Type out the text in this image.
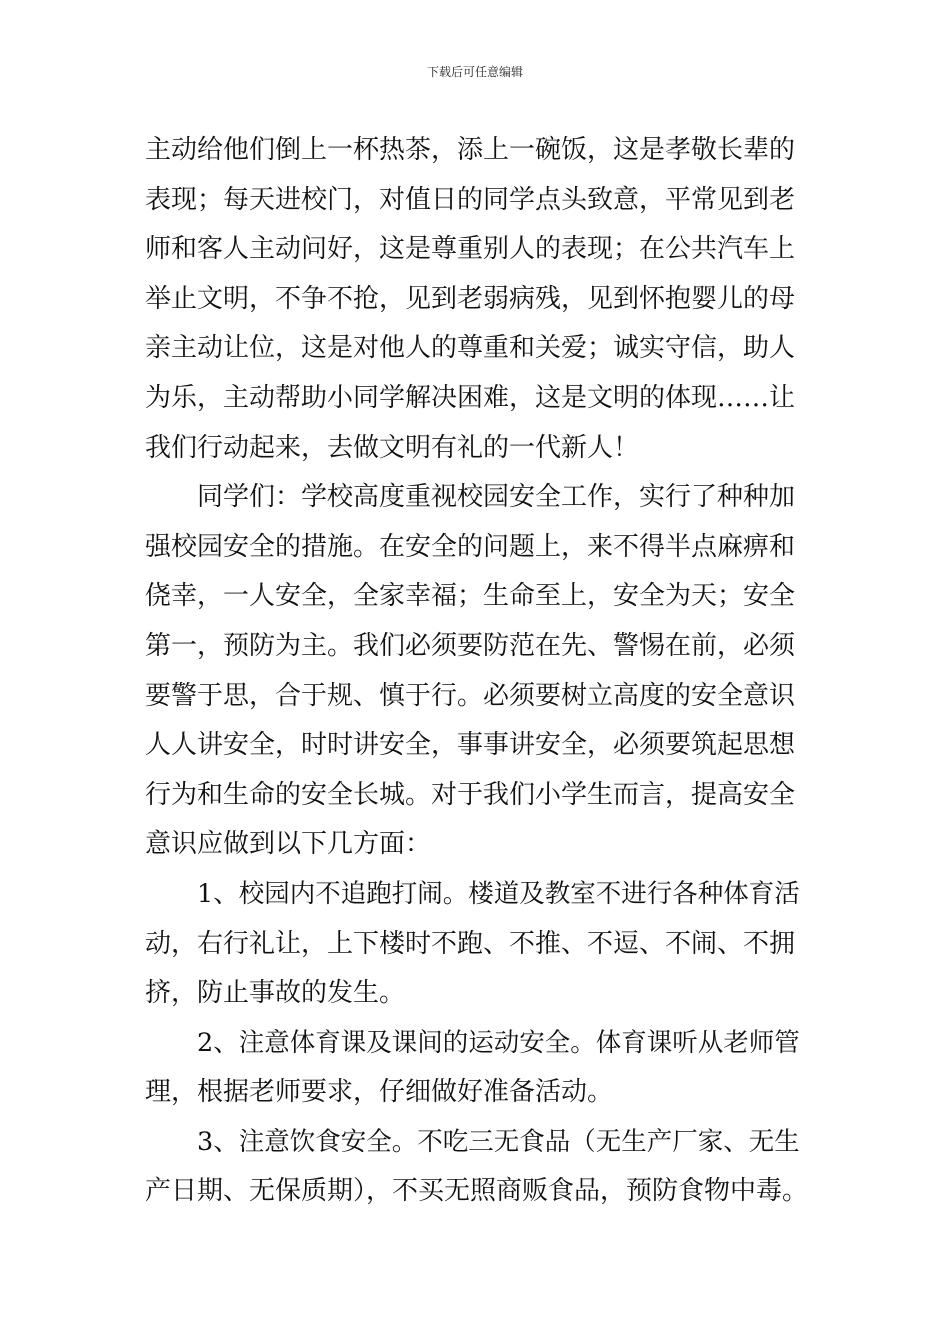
下载后可任意编辑
主动给他们倒上一杯热茶，添上一碗饭，这是孝敬长辈的
表现；每天进校门，对值日的同学点头致意，平常见到老
师和客人主动问好，这是尊重别人的表现；在公共汽车上
举止文明，不争不抢，见到老弱病残，见到怀抱婴儿的母
亲主动让位，这是对他人的尊重和关爱；诚实守信，助人
为乐，主动帮助小同学解决困难，这是文明的体现……让
我们行动起来，去做文明有礼的一代新人！
同学们：学校高度重视校园安全工作，实行了种种加
强校园安全的措施。在安全的问题上，来不得半点麻痹和
侥幸，一人安全，全家幸福；生命至上，安全为天；安全
第一，预防为主。我们必须要防范在先、警惕在前，必须
要警于思，合于规、慎于行。必须要树立高度的安全意识
人人讲安全，时时讲安全，事事讲安全，必须要筑起思想
行为和生命的安全长城。对于我们小学生而言，提高安全
意识应做到以下几方面：
1、校园内不追跑打闹。楼道及教室不进行各种体育活
动，右行礼让，上下楼时不跑、不推、不逗、不闹、不拥
挤，防止事故的发生。
2、注意体育课及课间的运动安全。体育课听从老师管
理，根据老师要求，仔细做好准备活动。
3、注意饮食安全。不吃三无食品（无生产厂家、无生
产日期、无保质期），不买无照商贩食品，预防食物中毒。
